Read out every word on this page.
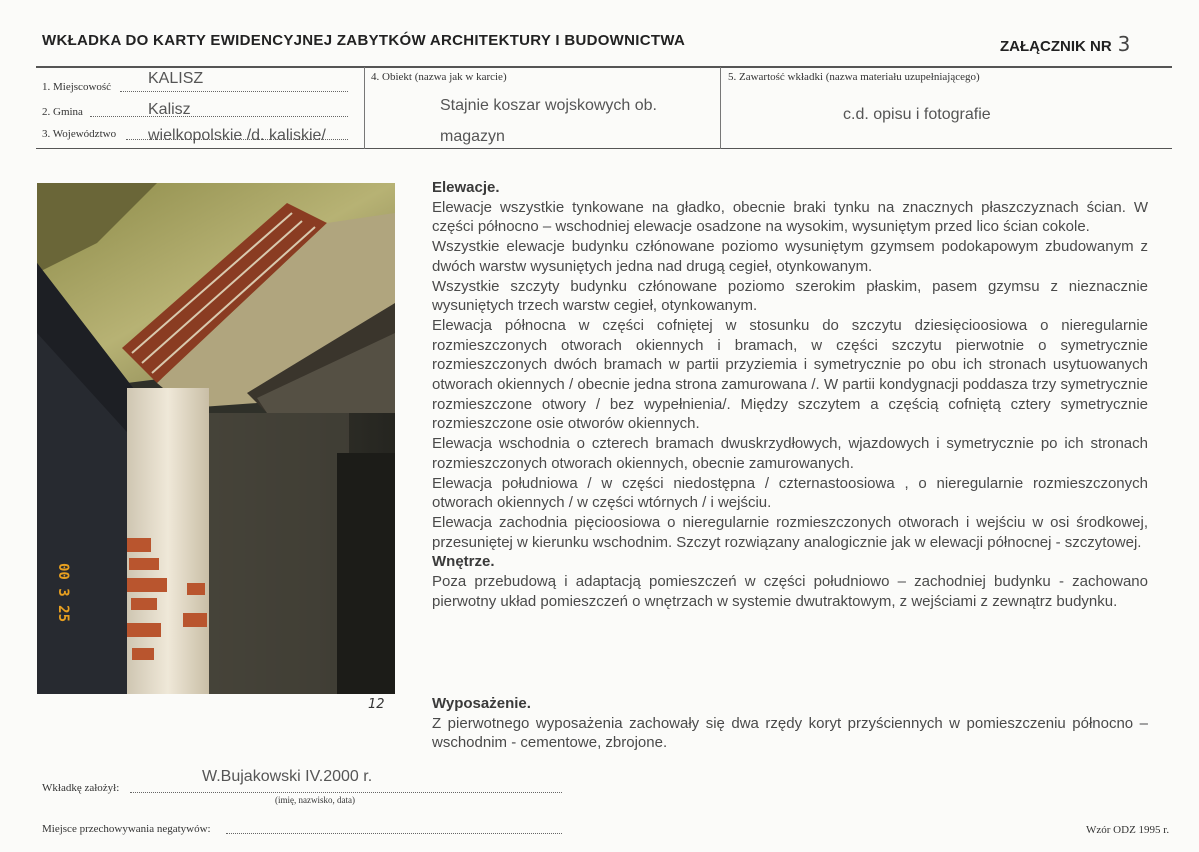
WKŁADKA DO KARTY EWIDENCYJNEJ ZABYTKÓW ARCHITEKTURY I BUDOWNICTWA	ZAŁĄCZNIK NR 3
1. Miejscowość KALISZ
2. Gmina	Kalisz
3. Województwo wielkopolskie /d. kaliskie/
4. Obiekt (nazwa jak w karcie)
Stajnie koszar wojskowych ob.
magazyn
5. Zawartość wkładki (nazwa materiału uzupełniającego)
c.d. opisu i fotografie
00 3 25
12
Elewacje.

Elewacje wszystkie tynkowane na gładko, obecnie braki tynku na znacznych płaszczyznach ścian. W części północno – wschodniej elewacje osadzone na wysokim, wysuniętym przed lico ścian cokole.

Wszystkie elewacje budynku człónowane poziomo wysuniętym gzymsem podokapowym zbudowanym z dwóch warstw wysuniętych jedna nad drugą cegieł, otynkowanym.

Wszystkie szczyty budynku człónowane poziomo szerokim płaskim, pasem gzymsu z nieznacznie wysuniętych trzech warstw cegieł, otynkowanym.

Elewacja północna w części cofniętej w stosunku do szczytu dziesięcioosiowa o nieregularnie rozmieszczonych otworach okiennych i bramach, w części szczytu pierwotnie o symetrycznie rozmieszczonych dwóch bramach w partii przyziemia i symetrycznie po obu ich stronach usytuowanych otworach okiennych / obecnie jedna strona zamurowana /. W partii kondygnacji poddasza trzy symetrycznie rozmieszczone otwory / bez wypełnienia/. Między szczytem a częścią cofniętą cztery symetrycznie rozmieszczone osie otworów okiennych.

Elewacja wschodnia o czterech bramach dwuskrzydłowych, wjazdowych i symetrycznie po ich stronach rozmieszczonych otworach okiennych, obecnie zamurowanych.

Elewacja południowa / w części niedostępna / czternastoosiowa , o nieregularnie rozmieszczonych otworach okiennych / w części wtórnych / i wejściu.

Elewacja zachodnia pięcioosiowa o nieregularnie rozmieszczonych otworach i wejściu w osi środkowej, przesuniętej w kierunku wschodnim. Szczyt rozwiązany analogicznie jak w elewacji północnej - szczytowej.

Wnętrze.

Poza przebudową i adaptacją pomieszczeń w części południowo – zachodniej budynku - zachowano pierwotny układ pomieszczeń o wnętrzach w systemie dwutraktowym, z wejściami z zewnątrz budynku.

Wyposażenie.

Z pierwotnego wyposażenia zachowały się dwa rzędy koryt przyściennych w pomieszczeniu północno – wschodnim - cementowe, zbrojone.

Wkładkę założył:
W.Bujakowski IV.2000 r.
(imię, nazwisko, data)
Miejsce przechowywania negatywów:	Wzór ODZ 1995 r.
